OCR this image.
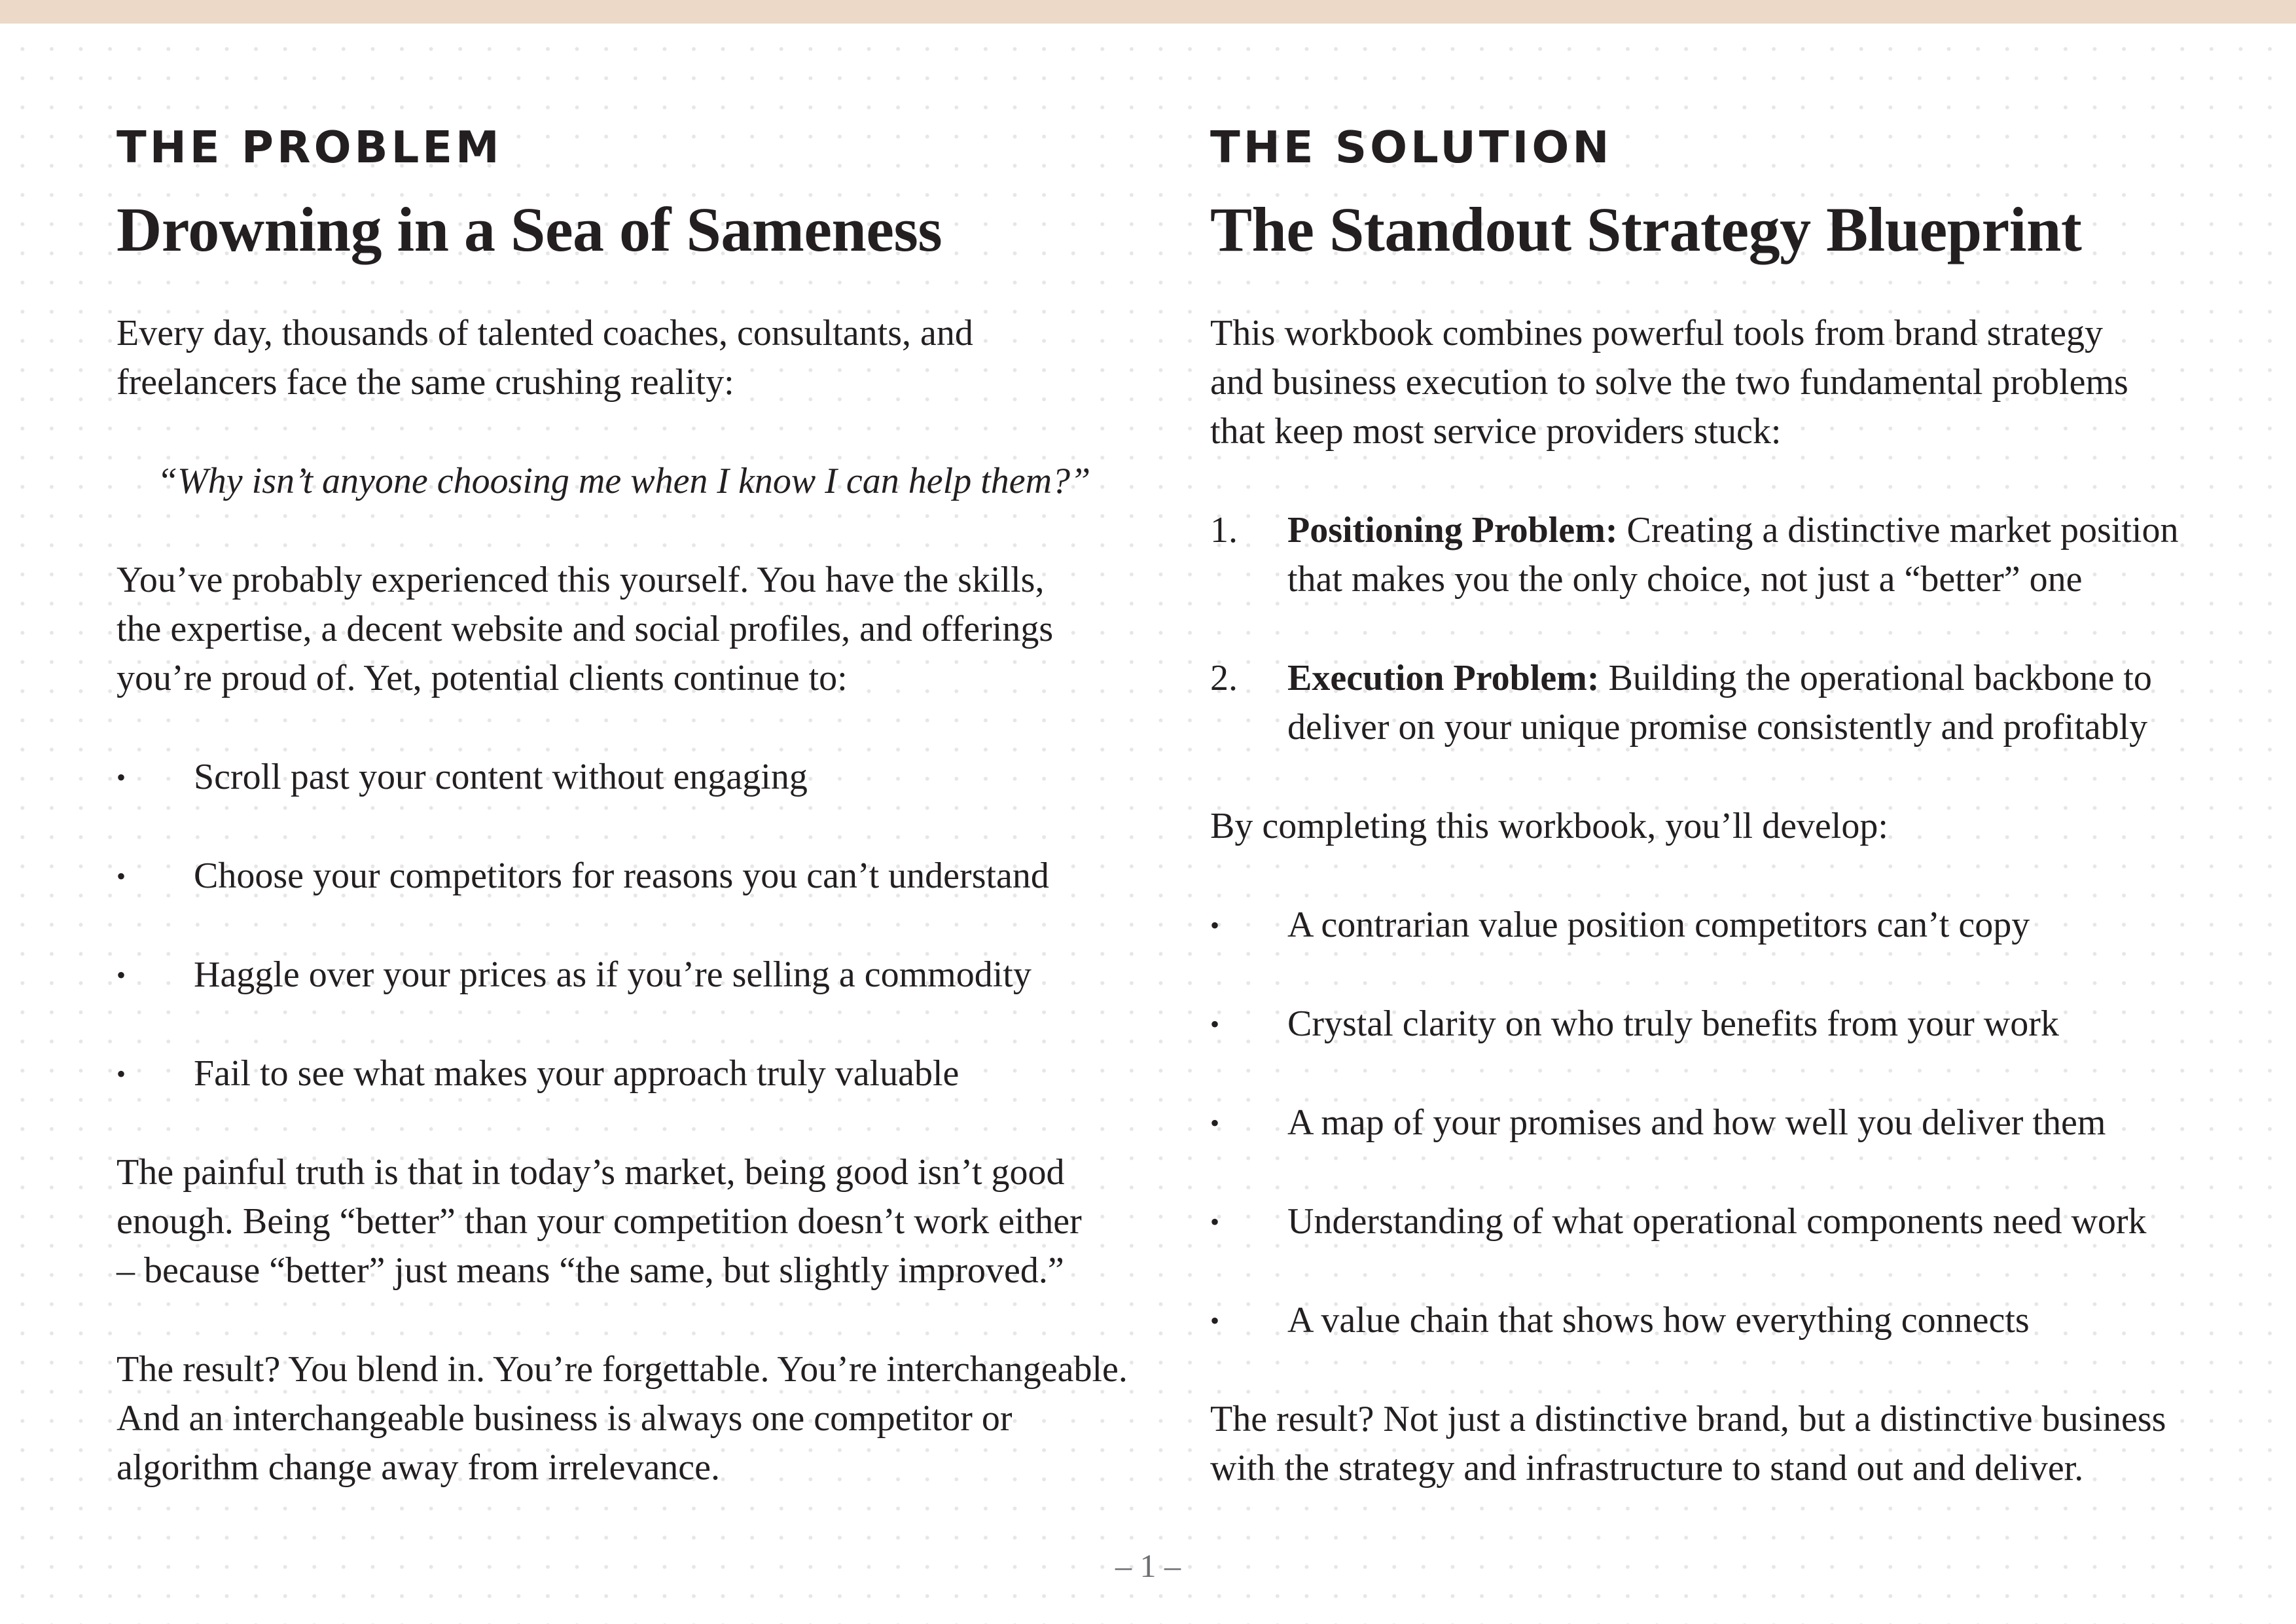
THE PROBLEM
Drowning in a Sea of Sameness

Every day, thousands of talented coaches, consultants, and
freelancers face the same crushing reality:

“Why isn’t anyone choosing me when I know I can help them?”

You’ve probably experienced this yourself. You have the skills,
the expertise, a decent website and social profiles, and offerings
you’re proud of. Yet, potential clients continue to:

•	Scroll past your content without engaging
•	Choose your competitors for reasons you can’t understand
•	Haggle over your prices as if you’re selling a commodity
•	Fail to see what makes your approach truly valuable

The painful truth is that in today’s market, being good isn’t good
enough. Being “better” than your competition doesn’t work either
– because “better” just means “the same, but slightly improved.”

The result? You blend in. You’re forgettable. You’re interchangeable.
And an interchangeable business is always one competitor or
algorithm change away from irrelevance.

THE SOLUTION
The Standout Strategy Blueprint

This workbook combines powerful tools from brand strategy
and business execution to solve the two fundamental problems
that keep most service providers stuck:

1. Positioning Problem: Creating a distinctive market position
that makes you the only choice, not just a “better” one
2. Execution Problem: Building the operational backbone to
deliver on your unique promise consistently and profitably

By completing this workbook, you’ll develop:

•	A contrarian value position competitors can’t copy
•	Crystal clarity on who truly benefits from your work
•	A map of your promises and how well you deliver them
•	Understanding of what operational components need work
•	A value chain that shows how everything connects

The result? Not just a distinctive brand, but a distinctive business
with the strategy and infrastructure to stand out and deliver.

– 1 –
